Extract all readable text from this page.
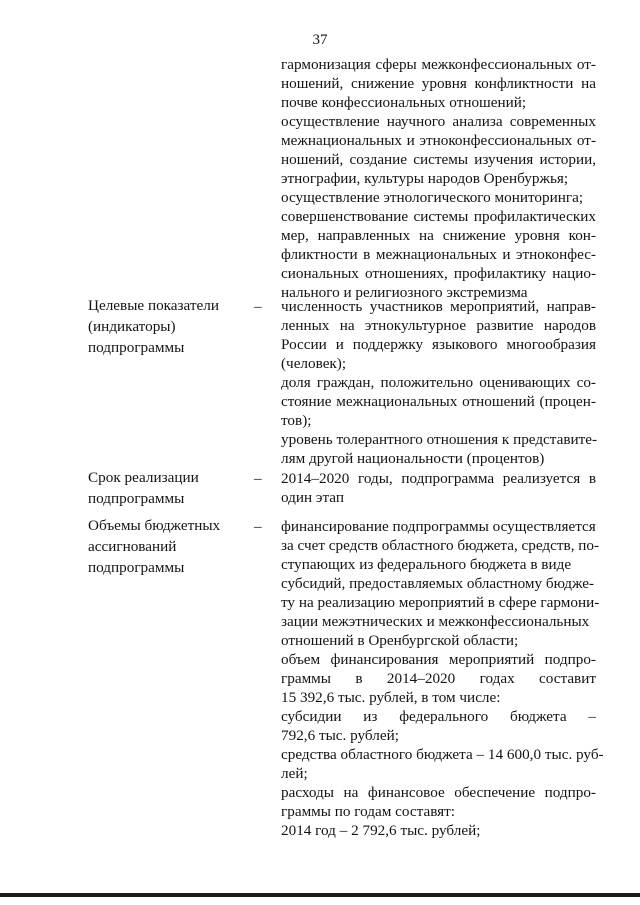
37
гармонизация сферы межконфессиональных от-
ношений, снижение уровня конфликтности на
почве конфессиональных отношений;
осуществление научного анализа современных
межнациональных и этноконфессиональных от-
ношений, создание системы изучения истории,
этнографии, культуры народов Оренбуржья;
осуществление этнологического мониторинга;
совершенствование системы профилактических
мер, направленных на снижение уровня кон-
фликтности в межнациональных и этноконфес-
сиональных отношениях, профилактику нацио-
нального и религиозного экстремизма

Целевые показатели
(индикаторы)
подпрограммы

– численность участников мероприятий, направ-
ленных на этнокультурное развитие народов
России и поддержку языкового многообразия
(человек);
доля граждан, положительно оценивающих со-
стояние межнациональных отношений (процен-
тов);
уровень толерантного отношения к представите-
лям другой национальности (процентов)

Срок реализации
подпрограммы

– 2014–2020 годы, подпрограмма реализуется в
один этап

Объемы бюджетных
ассигнований
подпрограммы

– финансирование подпрограммы осуществляется
за счет средств областного бюджета, средств, по-
ступающих из федерального бюджета в виде
субсидий, предоставляемых областному бюдже-
ту на реализацию мероприятий в сфере гармони-
зации межэтнических и межконфессиональных
отношений в Оренбургской области;
объем финансирования мероприятий подпро-
граммы в 2014–2020 годах составит
15 392,6 тыс. рублей, в том числе:
субсидии из федерального бюджета –
792,6 тыс. рублей;
средства областного бюджета – 14 600,0 тыс. руб-
лей;
расходы на финансовое обеспечение подпро-
граммы по годам составят:
2014 год – 2 792,6 тыс. рублей;
